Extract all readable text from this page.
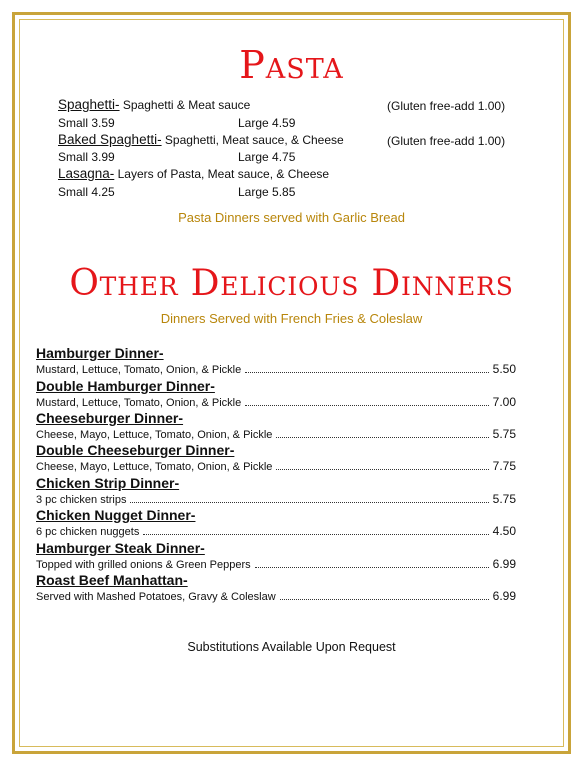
Pasta
Spaghetti- Spaghetti & Meat sauce	(Gluten free-add 1.00)
Small 3.59	Large 4.59
Baked Spaghetti- Spaghetti, Meat sauce, & Cheese	(Gluten free-add 1.00)
Small 3.99	Large 4.75
Lasagna- Layers of Pasta, Meat sauce, & Cheese
Small 4.25	Large 5.85
Pasta Dinners served with Garlic Bread
Other Delicious Dinners
Dinners Served with French Fries & Coleslaw
Hamburger Dinner-
Mustard, Lettuce, Tomato, Onion, & Pickle	5.50
Double Hamburger Dinner-
Mustard, Lettuce, Tomato, Onion, & Pickle	7.00
Cheeseburger Dinner-
Cheese, Mayo, Lettuce, Tomato, Onion, & Pickle	5.75
Double Cheeseburger Dinner-
Cheese, Mayo, Lettuce, Tomato, Onion, & Pickle	7.75
Chicken Strip Dinner-
3 pc chicken strips	5.75
Chicken Nugget Dinner-
6 pc chicken nuggets	4.50
Hamburger Steak Dinner-
Topped with grilled onions & Green Peppers	6.99
Roast Beef Manhattan-
Served with Mashed Potatoes, Gravy & Coleslaw	6.99
Substitutions Available Upon Request
